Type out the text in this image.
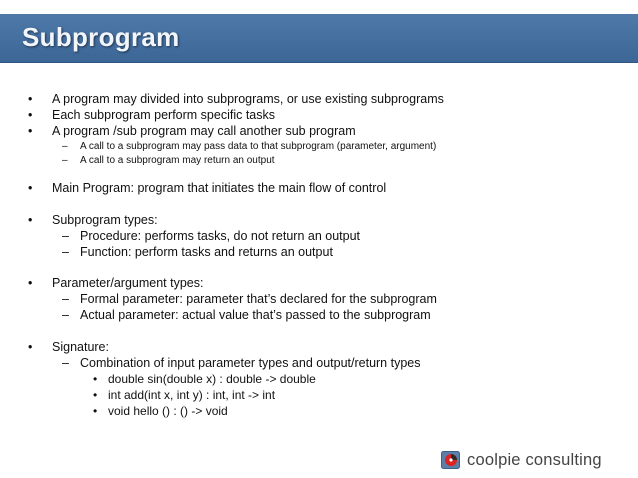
Subprogram
• A program may divided into subprograms, or use existing subprograms
• Each subprogram perform specific tasks
• A program /sub program may call another sub program
– A call to a subprogram may pass data to that subprogram (parameter, argument)
– A call to a subprogram may return an output
• Main Program: program that initiates the main flow of control
• Subprogram types:
– Procedure: performs tasks, do not return an output
– Function: perform tasks and returns an output
• Parameter/argument types:
– Formal parameter: parameter that’s declared for the subprogram
– Actual parameter: actual value that’s passed to the subprogram
• Signature:
– Combination of input parameter types and output/return types
• double sin(double x) : double -> double
• int add(int x, int y) : int, int -> int
• void hello () : () -> void
coolpie consulting
